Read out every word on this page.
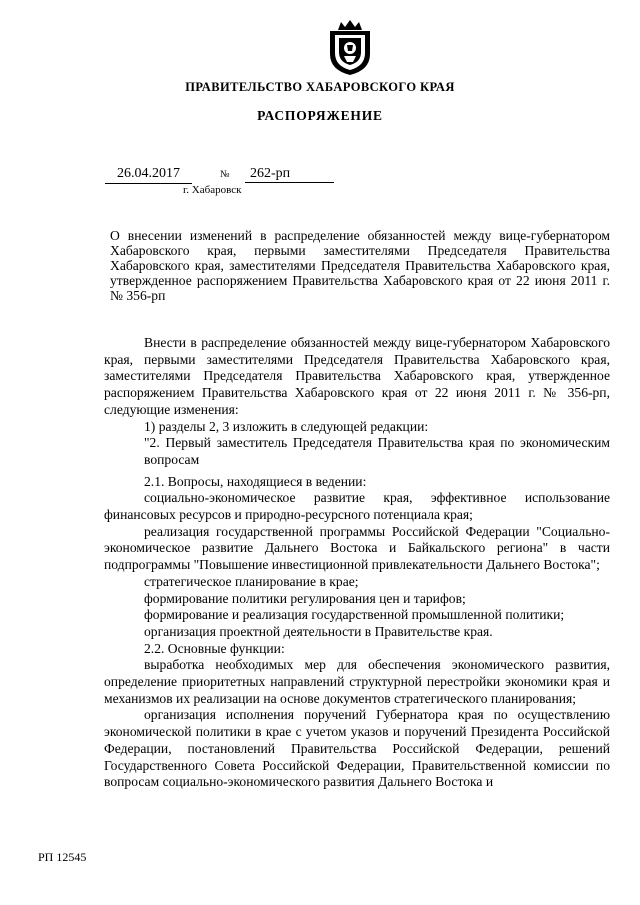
ПРАВИТЕЛЬСТВО ХАБАРОВСКОГО КРАЯ
РАСПОРЯЖЕНИЕ
26.04.2017	№	262-рп
г. Хабаровск
О внесении изменений в распределение обязанностей между вице-губернатором Хабаровского края, первыми заместителями Председателя Правительства Хабаровского края, заместителями Председателя Правительства Хабаровского края, утвержденное распоряжением Правительства Хабаровского края от 22 июня 2011 г. № 356-рп

Внести в распределение обязанностей между вице-губернатором Хабаровского края, первыми заместителями Председателя Правительства Хабаровского края, заместителями Председателя Правительства Хабаровского края, утвержденное распоряжением Правительства Хабаровского края от 22 июня 2011 г. № 356-рп, следующие изменения:

1) разделы 2, 3 изложить в следующей редакции:

"2. Первый заместитель Председателя Правительства края по экономическим вопросам

2.1. Вопросы, находящиеся в ведении:

социально-экономическое развитие края, эффективное использование финансовых ресурсов и природно-ресурсного потенциала края;

реализация государственной программы Российской Федерации "Социально-экономическое развитие Дальнего Востока и Байкальского региона" в части подпрограммы "Повышение инвестиционной привлекательности Дальнего Востока";

стратегическое планирование в крае;

формирование политики регулирования цен и тарифов;

формирование и реализация государственной промышленной политики;

организация проектной деятельности в Правительстве края.

2.2. Основные функции:

выработка необходимых мер для обеспечения экономического развития, определение приоритетных направлений структурной перестройки экономики края и механизмов их реализации на основе документов стратегического планирования;

организация исполнения поручений Губернатора края по осуществлению экономической политики в крае с учетом указов и поручений Президента Российской Федерации, постановлений Правительства Российской Федерации, решений Государственного Совета Российской Федерации, Правительственной комиссии по вопросам социально-экономического развития Дальнего Востока и

РП 12545
